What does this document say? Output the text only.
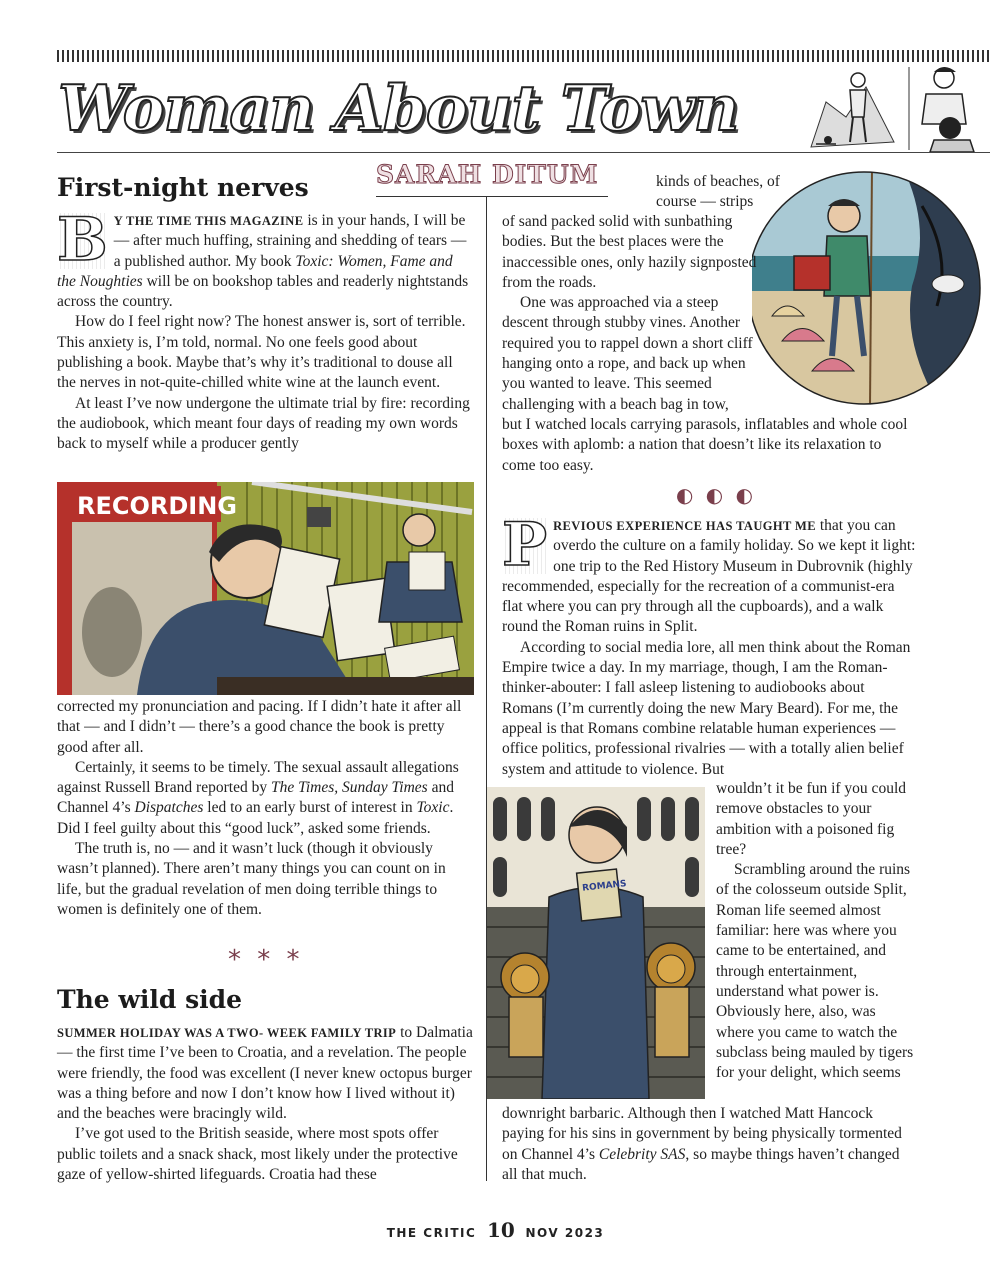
Woman About Town
SARAH DITUM
First-night nerves

B Y THE TIME THIS MAGAZINE is in your hands, I will be — after much huffing, straining and shedding of tears — a published author. My book Toxic: Women, Fame and the Noughties will be on bookshop tables and readerly nightstands across the country.

How do I feel right now? The honest answer is, sort of terrible. This anxiety is, I’m told, normal. No one feels good about publishing a book. Maybe that’s why it’s traditional to douse all the nerves in not-quite-chilled white wine at the launch event.

At least I’ve now undergone the ultimate trial by fire: recording the audiobook, which meant four days of reading my own words back to myself while a producer gently

RECORDING

corrected my pronunciation and pacing. If I didn’t hate it after all that — and I didn’t — there’s a good chance the book is pretty good after all.

Certainly, it seems to be timely. The sexual assault allegations against Russell Brand reported by The Times, Sunday Times and Channel 4’s Dispatches led to an early burst of interest in Toxic. Did I feel guilty about this “good luck”, asked some friends.

The truth is, no — and it wasn’t luck (though it obviously wasn’t planned). There aren’t many things you can count on in life, but the gradual revelation of men doing terrible things to women is definitely one of them.

* * *
The wild side

SUMMER HOLIDAY WAS A TWO- WEEK FAMILY TRIP to Dalmatia — the first time I’ve been to Croatia, and a revelation. The people were friendly, the food was excellent (I never knew octopus burger was a thing before and now I don’t know how I lived without it) and the beaches were bracingly wild.

I’ve got used to the British seaside, where most spots offer public toilets and a snack shack, most likely under the protective gaze of yellow-shirted lifeguards. Croatia had these

kinds of beaches, of course — strips

of sand packed solid with sunbathing bodies. But the best places were the inaccessible ones, only hazily signposted from the roads.

One was approached via a steep descent through stubby vines. Another required you to rappel down a short cliff hanging onto a rope, and back up when you wanted to leave. This seemed challenging with a beach bag in tow,

but I watched locals carrying parasols, inflatables and whole cool boxes with aplomb: a nation that doesn’t like its relaxation to come too easy.

◐ ◐ ◐

P REVIOUS EXPERIENCE HAS TAUGHT ME that you can overdo the culture on a family holiday. So we kept it light: one trip to the Red History Museum in Dubrovnik (highly recommended, especially for the recreation of a communist-era flat where you can pry through all the cupboards), and a walk round the Roman ruins in Split.

According to social media lore, all men think about the Roman Empire twice a day. In my marriage, though, I am the Roman-thinker-abouter: I fall asleep listening to audiobooks about Romans (I’m currently doing the new Mary Beard). For me, the appeal is that Romans combine relatable human experiences — office politics, professional rivalries — with a totally alien belief system and attitude to violence. But

ROMANS

wouldn’t it be fun if you could remove obstacles to your ambition with a poisoned fig tree?

Scrambling around the ruins of the colosseum outside Split, Roman life seemed almost familiar: here was where you came to be entertained, and through entertainment, understand what power is. Obviously here, also, was where you came to watch the subclass being mauled by tigers for your delight, which seems

downright barbaric. Although then I watched Matt Hancock paying for his sins in government by being physically tormented on Channel 4’s Celebrity SAS, so maybe things haven’t changed all that much.

THE CRITIC 10 NOV 2023
